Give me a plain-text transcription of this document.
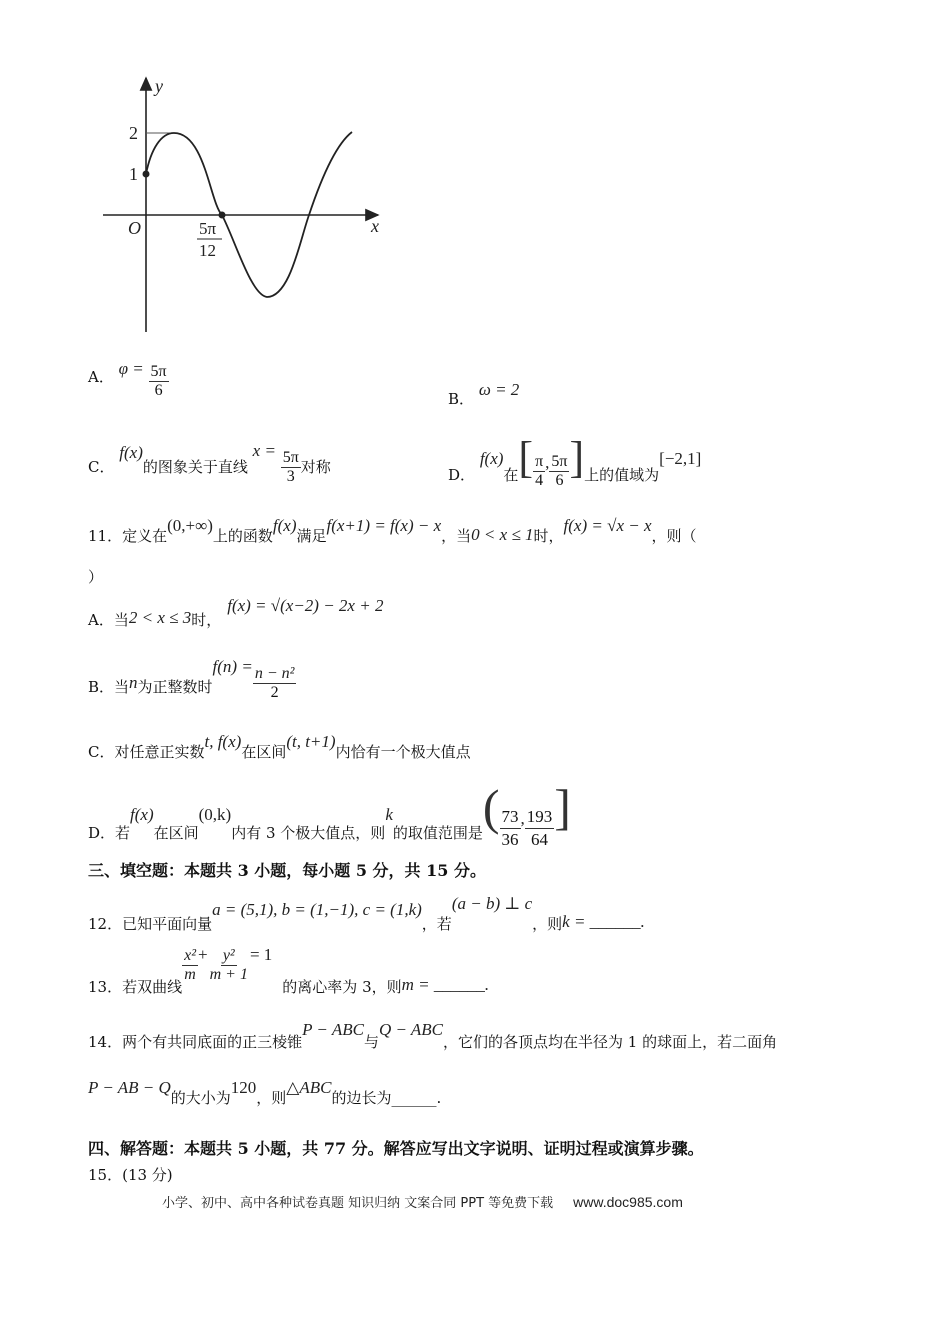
y
x
O
2
1
5π
12
A． $\varphi = \frac{5\pi}{6}$	B． ω = 2
C． f(x)的图象关于直线 $x = \frac{5\pi}{3}$ 对称	D． f(x)在[ $\frac{\pi}{4}$ , $\frac{5\pi}{6}$ ]上的值域为[−2,1]
11．定义在(0,+∞)上的函数f(x)满足f(x+1) = f(x) − x，当0 < x ≤ 1时，f(x) = √x − x，则（
）
A．当2 < x ≤ 3时，f(x) = √(x−2) − 2x + 2
B．当n为正整数时$f(n) = \frac{\text{n − n²}}{2}$
C．对任意正实数t, f(x)在区间(t, t+1)内恰有一个极大值点
D．若f(x)在区间(0,k)内有 3 个极大值点，则k的取值范围是( $\frac{73}{36}$ , $\frac{193}{64}$ ]
三、填空题：本题共 3 小题，每小题 5 分，共 15 分。
12．已知平面向量a = (5,1), b = (1,−1), c = (1,k)，若(a − b) ⊥ c，则k = ______.
13．若双曲线
$\frac{\text{x²}}{m} + \frac{\text{y²}}{m + 1} = 1$的离心率为 3，则m = ______.
14．两个有共同底面的正三棱锥P − ABC与Q − ABC，它们的各顶点均在半径为 1 的球面上，若二面角
P − AB − Q的大小为120，则△ABC的边长为______.
四、解答题：本题共 5 小题，共 77 分。解答应写出文字说明、证明过程或演算步骤。
15．(13 分)
小学、初中、高中各种试卷真题 知识归纳 文案合同 PPT 等免费下载 www.doc985.com
